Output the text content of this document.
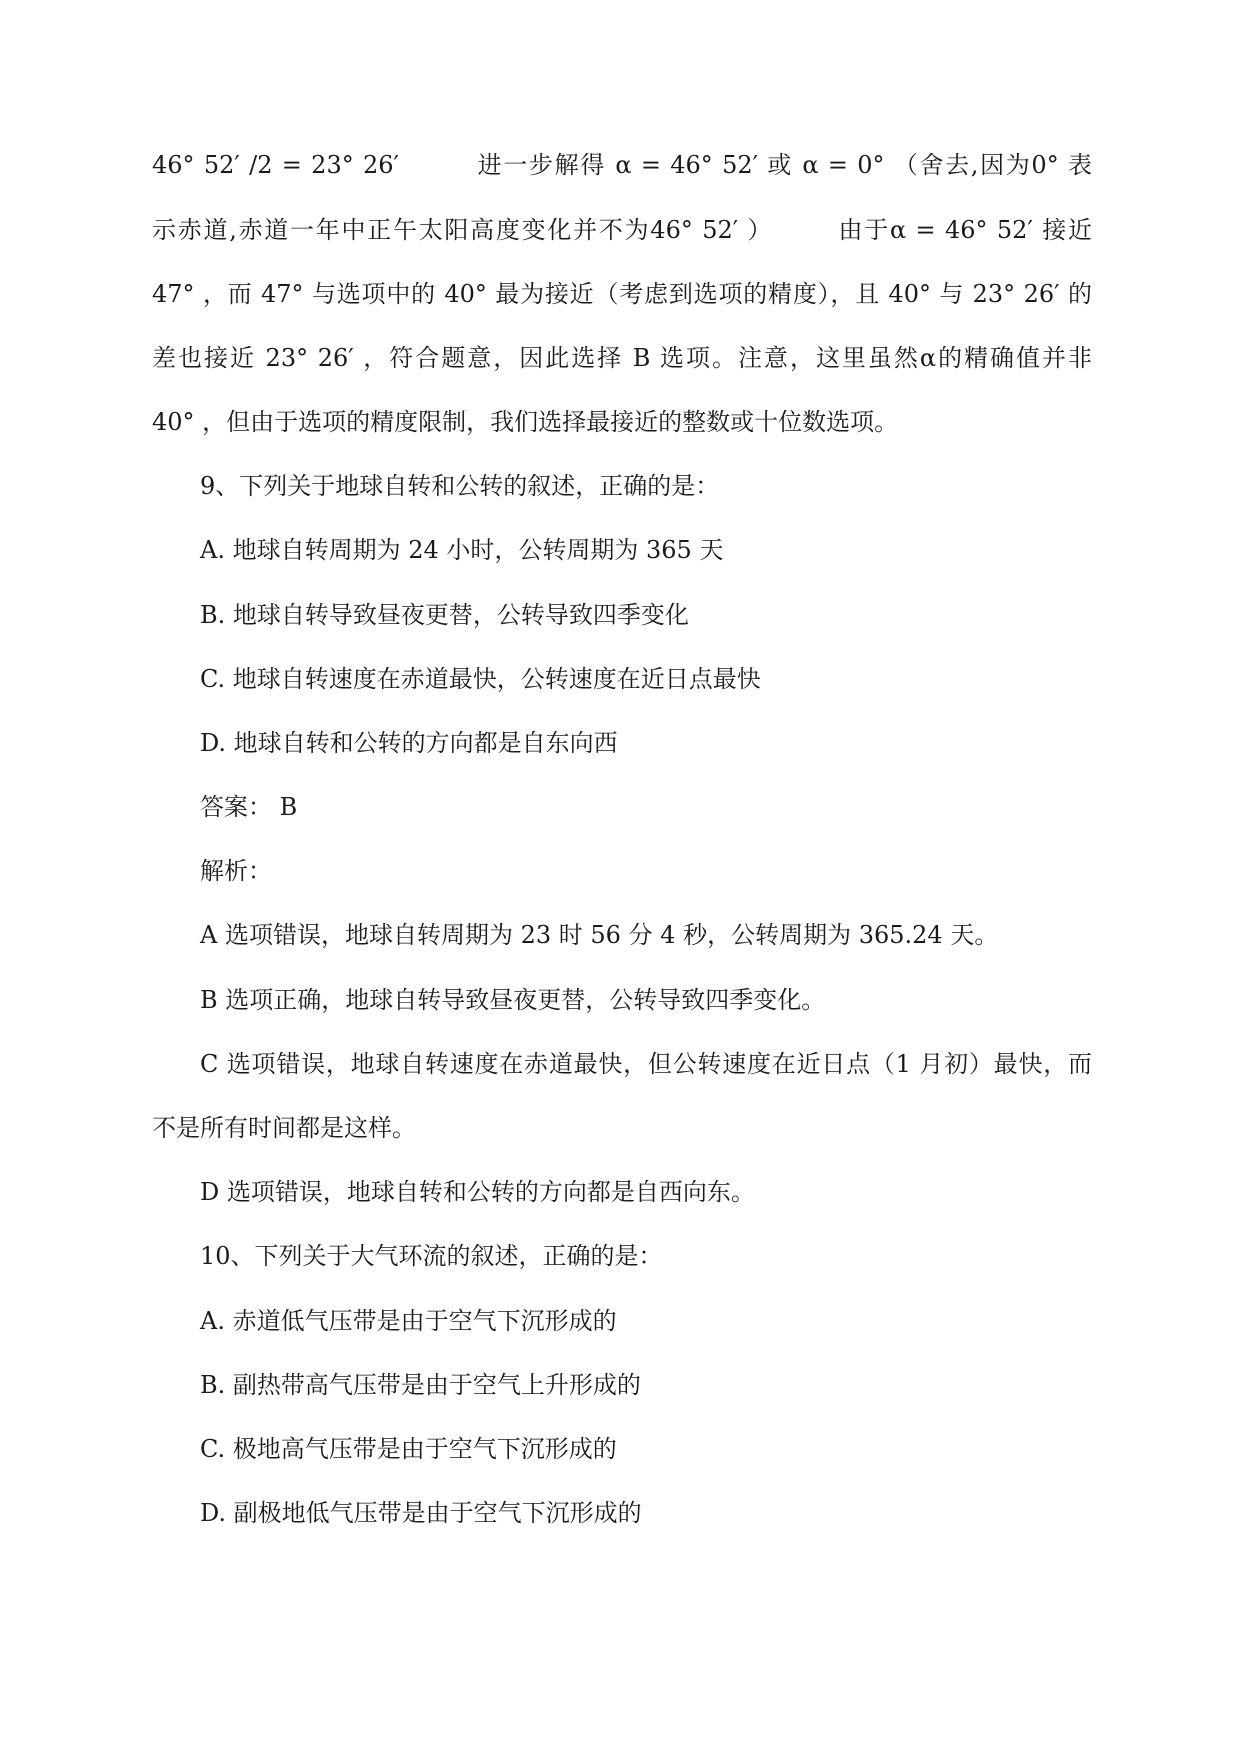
46° 52′ /2 = 23° 26′　　　进一步解得 α = 46° 52′ 或 α = 0° （舍去,因为0° 表
示赤道,赤道一年中正午太阳高度变化并不为46° 52′ ）　　　由于α = 46° 52′ 接近
47° ，而 47° 与选项中的 40° 最为接近（考虑到选项的精度），且 40° 与 23° 26′ 的
差也接近 23° 26′ ，符合题意，因此选择 B 选项。注意，这里虽然α的精确值并非
40° ，但由于选项的精度限制，我们选择最接近的整数或十位数选项。
9、下列关于地球自转和公转的叙述，正确的是：
A. 地球自转周期为 24 小时，公转周期为 365 天
B. 地球自转导致昼夜更替，公转导致四季变化
C. 地球自转速度在赤道最快，公转速度在近日点最快
D. 地球自转和公转的方向都是自东向西
答案： B
解析：
A 选项错误，地球自转周期为 23 时 56 分 4 秒，公转周期为 365.24 天。
B 选项正确，地球自转导致昼夜更替，公转导致四季变化。
C 选项错误，地球自转速度在赤道最快，但公转速度在近日点（1 月初）最快，而
不是所有时间都是这样。
D 选项错误，地球自转和公转的方向都是自西向东。
10、下列关于大气环流的叙述，正确的是：
A. 赤道低气压带是由于空气下沉形成的
B. 副热带高气压带是由于空气上升形成的
C. 极地高气压带是由于空气下沉形成的
D. 副极地低气压带是由于空气下沉形成的
